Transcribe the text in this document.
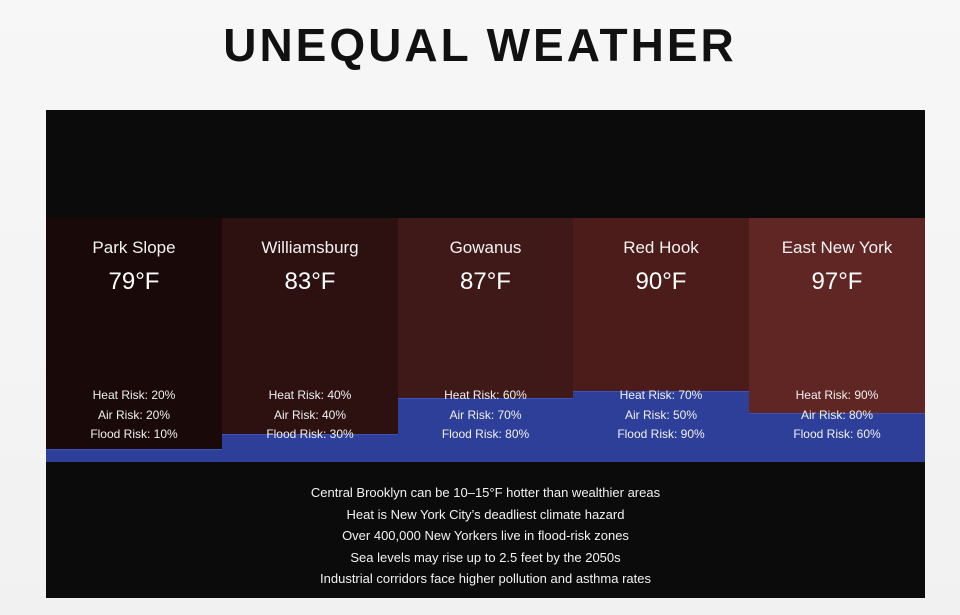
UNEQUAL WEATHER
Park Slope
79°F
Heat Risk: 20%
Air Risk: 20%
Flood Risk: 10%
Williamsburg
83°F
Heat Risk: 40%
Air Risk: 40%
Flood Risk: 30%
Gowanus
87°F
Heat Risk: 60%
Air Risk: 70%
Flood Risk: 80%
Red Hook
90°F
Heat Risk: 70%
Air Risk: 50%
Flood Risk: 90%
East New York
97°F
Heat Risk: 90%
Air Risk: 80%
Flood Risk: 60%
Central Brooklyn can be 10–15°F hotter than wealthier areas
Heat is New York City’s deadliest climate hazard
Over 400,000 New Yorkers live in flood-risk zones
Sea levels may rise up to 2.5 feet by the 2050s
Industrial corridors face higher pollution and asthma rates
